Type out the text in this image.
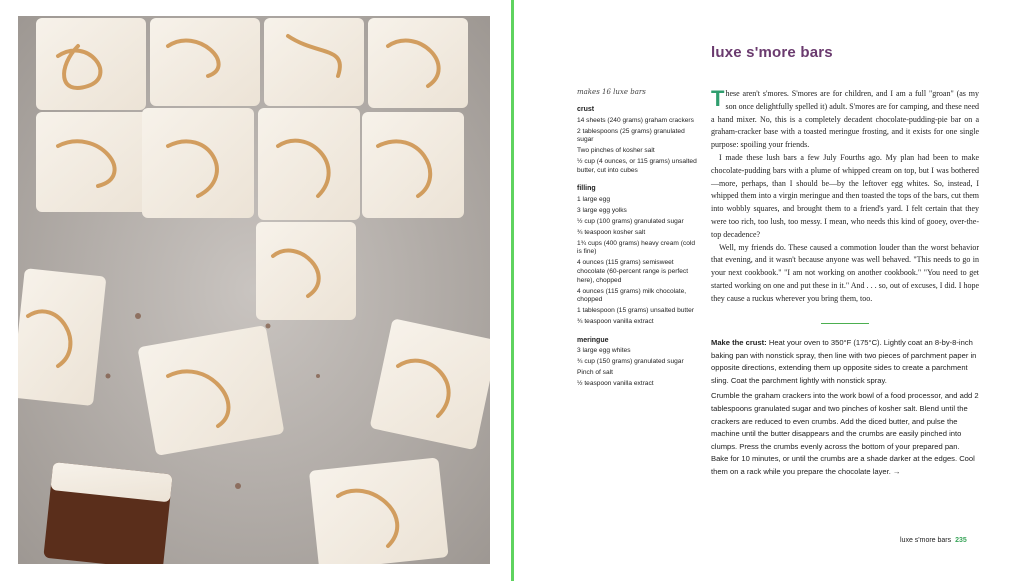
luxe s'more bars
makes 16 luxe bars
crust
14 sheets (240 grams) graham crackers
2 tablespoons (25 grams) granulated sugar
Two pinches of kosher salt
½ cup (4 ounces, or 115 grams) unsalted butter, cut into cubes
filling
1 large egg
3 large egg yolks
½ cup (100 grams) granulated sugar
¾ teaspoon kosher salt
1¾ cups (400 grams) heavy cream (cold is fine)
4 ounces (115 grams) semisweet chocolate (60-percent range is perfect here), chopped
4 ounces (115 grams) milk chocolate, chopped
1 tablespoon (15 grams) unsalted butter
¾ teaspoon vanilla extract
meringue
3 large egg whites
¾ cup (150 grams) granulated sugar
Pinch of salt
½ teaspoon vanilla extract

These aren't s'mores. S'mores are for children, and I am a full "groan" (as my son once delightfully spelled it) adult. S'mores are for camping, and these need a hand mixer. No, this is a completely decadent chocolate-pudding-pie bar on a graham-cracker base with a toasted meringue frosting, and it exists for one single purpose: spoiling your friends.

I made these lush bars a few July Fourths ago. My plan had been to make chocolate-pudding bars with a plume of whipped cream on top, but I was bothered—more, perhaps, than I should be—by the leftover egg whites. So, instead, I whipped them into a virgin meringue and then toasted the tops of the bars, cut them into wobbly squares, and brought them to a friend's yard. I felt certain that they were too rich, too lush, too messy. I mean, who needs this kind of gooey, over-the-top decadence?

Well, my friends do. These caused a commotion louder than the worst behavior that evening, and it wasn't because anyone was well behaved. "This needs to go in your next cookbook." "I am not working on another cookbook." "You need to get started working on one and put these in it." And . . . so, out of excuses, I did. I hope they cause a ruckus wherever you bring them, too.

Make the crust: Heat your oven to 350°F (175°C). Lightly coat an 8-by-8-inch baking pan with nonstick spray, then line with two pieces of parchment paper in opposite directions, extending them up opposite sides to create a parchment sling. Coat the parchment lightly with nonstick spray.

Crumble the graham crackers into the work bowl of a food processor, and add 2 tablespoons granulated sugar and two pinches of kosher salt. Blend until the crackers are reduced to even crumbs. Add the diced butter, and pulse the machine until the butter disappears and the crumbs are easily pinched into clumps. Press the crumbs evenly across the bottom of your prepared pan. Bake for 10 minutes, or until the crumbs are a shade darker at the edges. Cool them on a rack while you prepare the chocolate layer. →

luxe s'more bars 235
